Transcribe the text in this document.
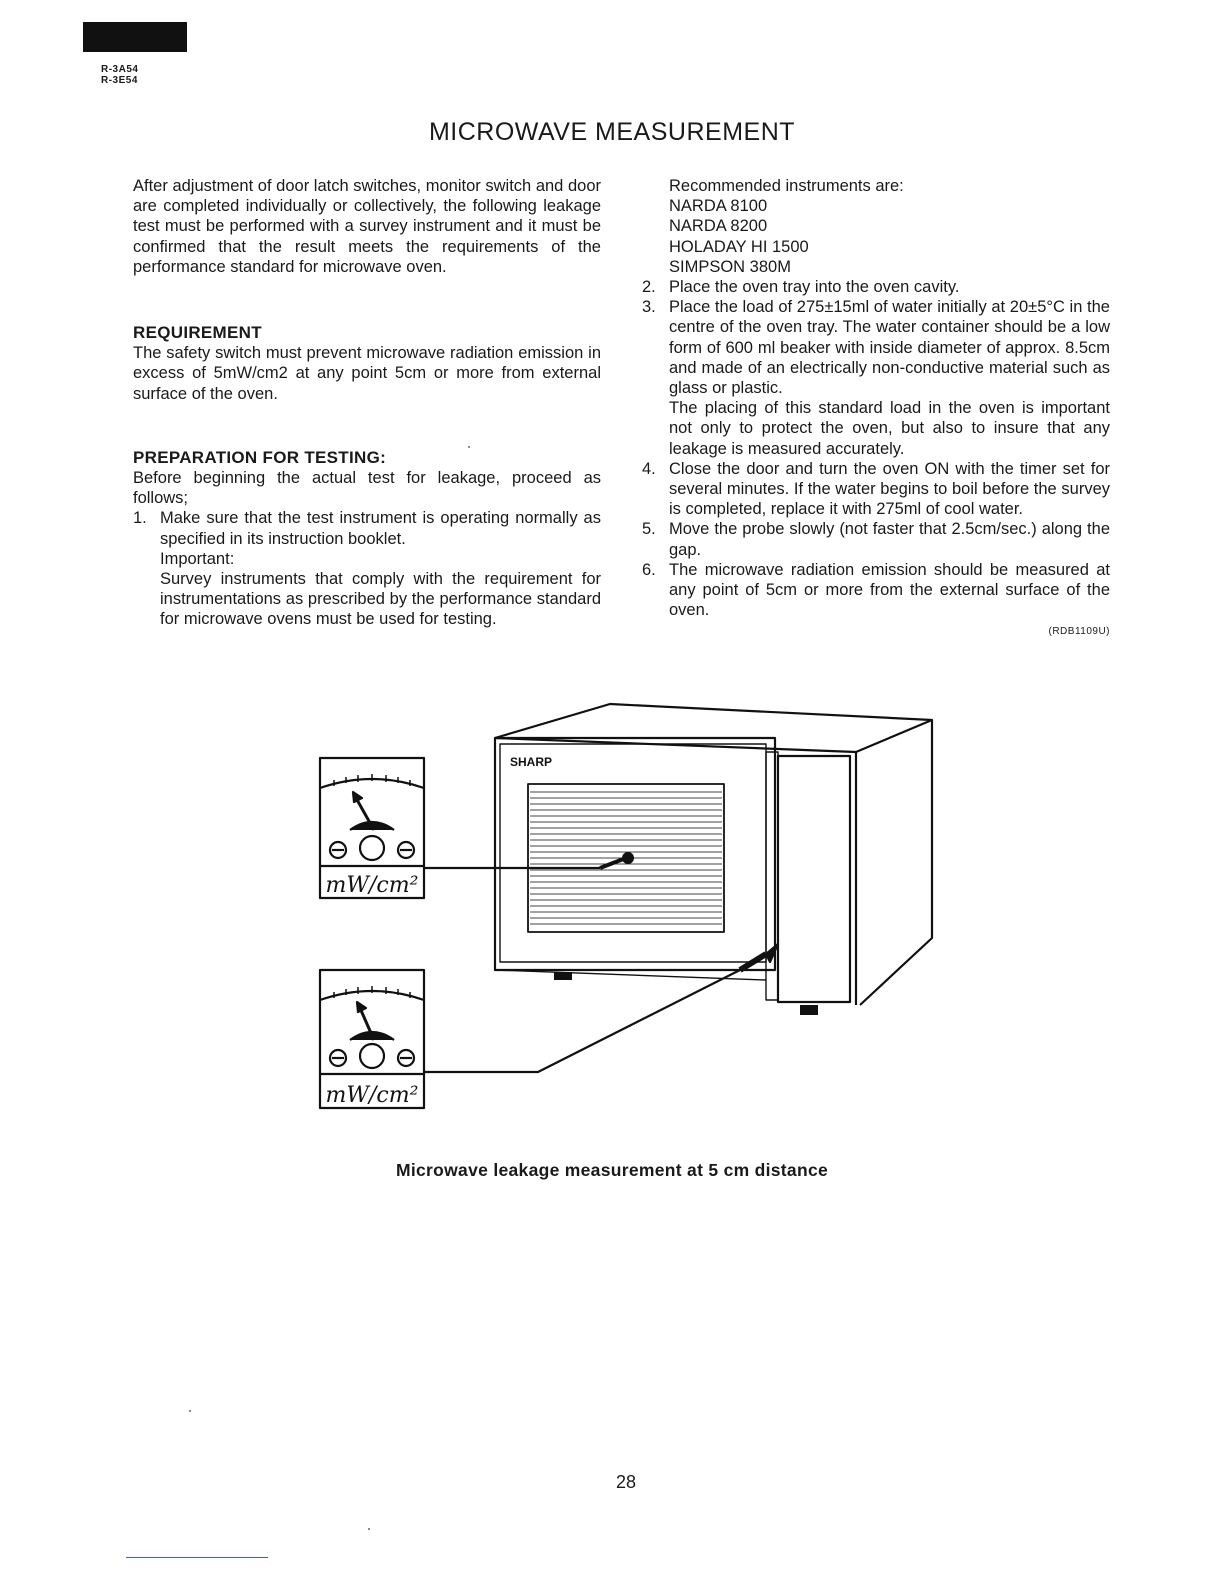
R-3A54
R-3E54
MICROWAVE MEASUREMENT
After adjustment of door latch switches, monitor switch and door are completed individually or collectively, the following leakage test must be performed with a survey instrument and it must be confirmed that the result meets the requirements of the performance standard for microwave oven.
REQUIREMENT
The safety switch must prevent microwave radiation emission in excess of 5mW/cm2 at any point 5cm or more from external surface of the oven.
PREPARATION FOR TESTING:
Before beginning the actual test for leakage, proceed as follows;
1. Make sure that the test instrument is operating normally as specified in its instruction booklet.
Important:
Survey instruments that comply with the requirement for instrumentations as prescribed by the performance standard for microwave ovens must be used for testing.
Recommended instruments are:
NARDA 8100
NARDA 8200
HOLADAY HI 1500
SIMPSON 380M
2. Place the oven tray into the oven cavity.
3. Place the load of 275±15ml of water initially at 20±5°C in the centre of the oven tray. The water container should be a low form of 600 ml beaker with inside diameter of approx. 8.5cm and made of an electrically non-conductive material such as glass or plastic.
The placing of this standard load in the oven is important not only to protect the oven, but also to insure that any leakage is measured accurately.
4. Close the door and turn the oven ON with the timer set for several minutes. If the water begins to boil before the survey is completed, replace it with 275ml of cool water.
5. Move the probe slowly (not faster that 2.5cm/sec.) along the gap.
6. The microwave radiation emission should be measured at any point of 5cm or more from the external surface of the oven.
(RDB1109U)
mW/cm²
mW/cm²
SHARP
Microwave leakage measurement at 5 cm distance
28
